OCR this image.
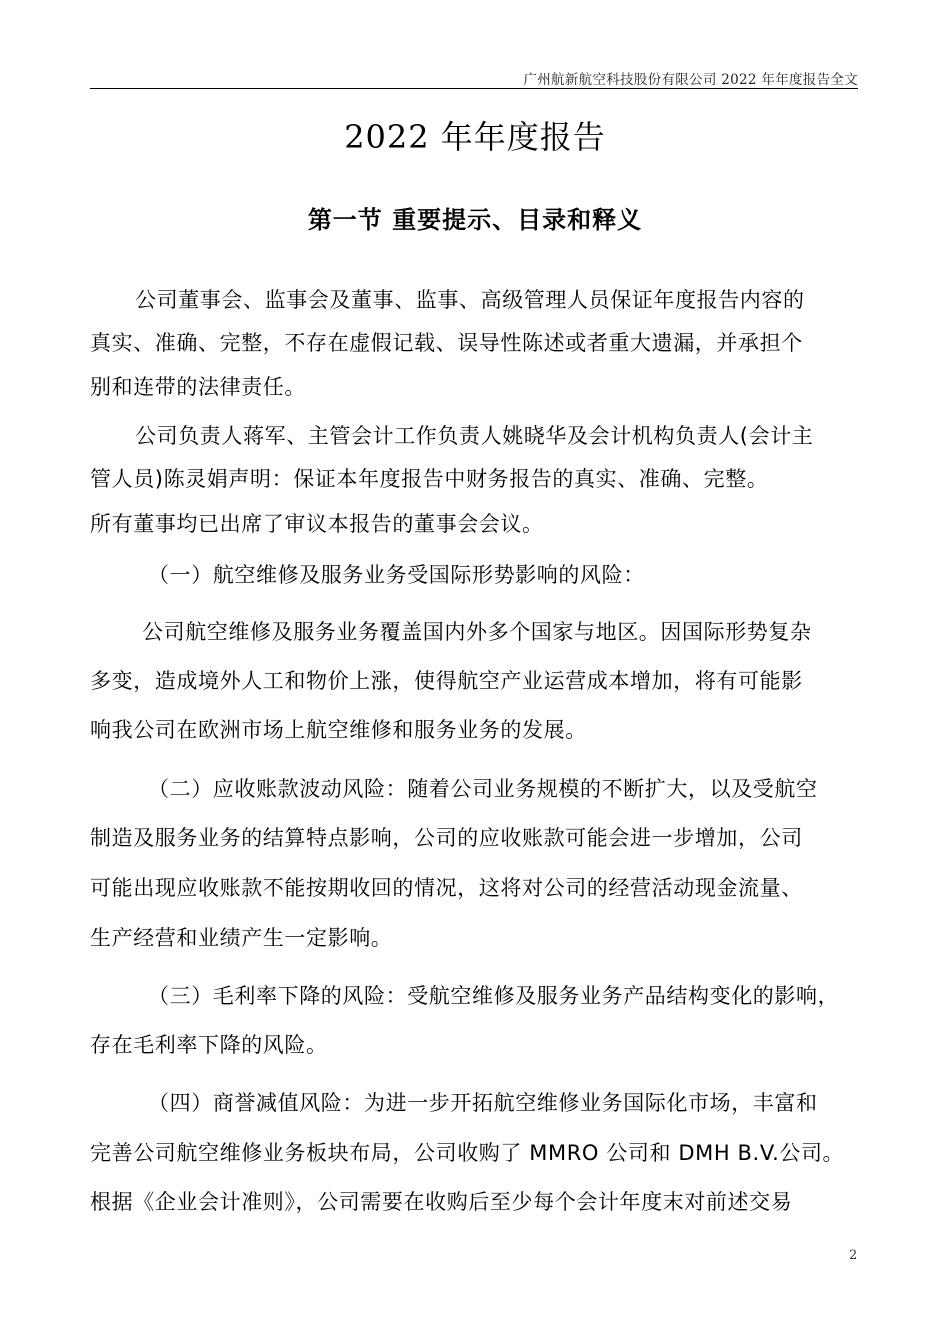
广州航新航空科技股份有限公司 2022 年年度报告全文
2022 年年度报告
第一节 重要提示、目录和释义
公司董事会、监事会及董事、监事、高级管理人员保证年度报告内容的
真实、准确、完整，不存在虚假记载、误导性陈述或者重大遗漏，并承担个
别和连带的法律责任。
公司负责人蒋军、主管会计工作负责人姚晓华及会计机构负责人(会计主
管人员)陈灵娟声明：保证本年度报告中财务报告的真实、准确、完整。
所有董事均已出席了审议本报告的董事会会议。
（一）航空维修及服务业务受国际形势影响的风险：
公司航空维修及服务业务覆盖国内外多个国家与地区。因国际形势复杂
多变，造成境外人工和物价上涨，使得航空产业运营成本增加，将有可能影
响我公司在欧洲市场上航空维修和服务业务的发展。
（二）应收账款波动风险：随着公司业务规模的不断扩大，以及受航空
制造及服务业务的结算特点影响，公司的应收账款可能会进一步增加，公司
可能出现应收账款不能按期收回的情况，这将对公司的经营活动现金流量、
生产经营和业绩产生一定影响。
（三）毛利率下降的风险：受航空维修及服务业务产品结构变化的影响，
存在毛利率下降的风险。
（四）商誉减值风险：为进一步开拓航空维修业务国际化市场，丰富和
完善公司航空维修业务板块布局，公司收购了 MMRO 公司和 DMH B.V.公司。
根据《企业会计准则》，公司需要在收购后至少每个会计年度末对前述交易
2
